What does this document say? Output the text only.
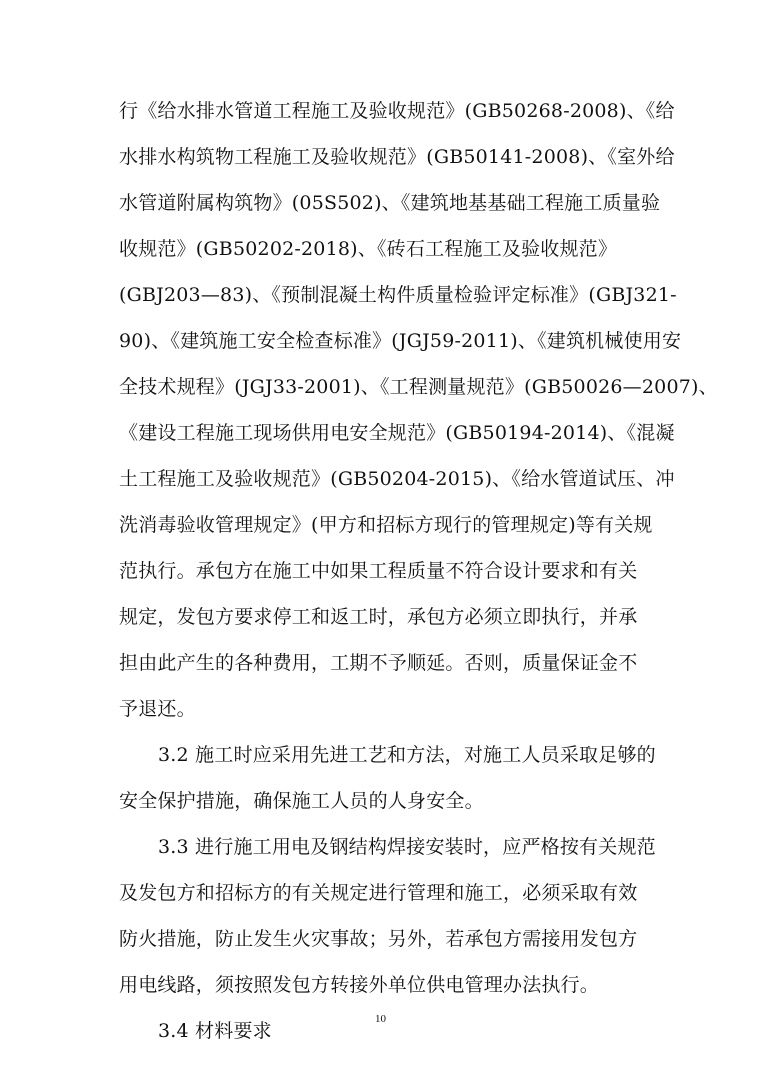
行《给水排水管道工程施工及验收规范》(GB50268-2008)、《给
水排水构筑物工程施工及验收规范》(GB50141-2008)、《室外给
水管道附属构筑物》(05S502)、《建筑地基基础工程施工质量验
收规范》(GB50202-2018)、《砖石工程施工及验收规范》
(GBJ203—83)、《预制混凝土构件质量检验评定标准》(GBJ321-
90)、《建筑施工安全检查标准》(JGJ59-2011)、《建筑机械使用安
全技术规程》(JGJ33-2001)、《工程测量规范》(GB50026—2007)、
《建设工程施工现场供用电安全规范》(GB50194-2014)、《混凝
土工程施工及验收规范》(GB50204-2015)、《给水管道试压、冲
洗消毒验收管理规定》(甲方和招标方现行的管理规定)等有关规
范执行。承包方在施工中如果工程质量不符合设计要求和有关
规定，发包方要求停工和返工时，承包方必须立即执行，并承
担由此产生的各种费用，工期不予顺延。否则，质量保证金不
予退还。
3.2 施工时应采用先进工艺和方法，对施工人员采取足够的
安全保护措施，确保施工人员的人身安全。
3.3 进行施工用电及钢结构焊接安装时，应严格按有关规范
及发包方和招标方的有关规定进行管理和施工，必须采取有效
防火措施，防止发生火灾事故；另外，若承包方需接用发包方
用电线路，须按照发包方转接外单位供电管理办法执行。
3.4 材料要求
10
